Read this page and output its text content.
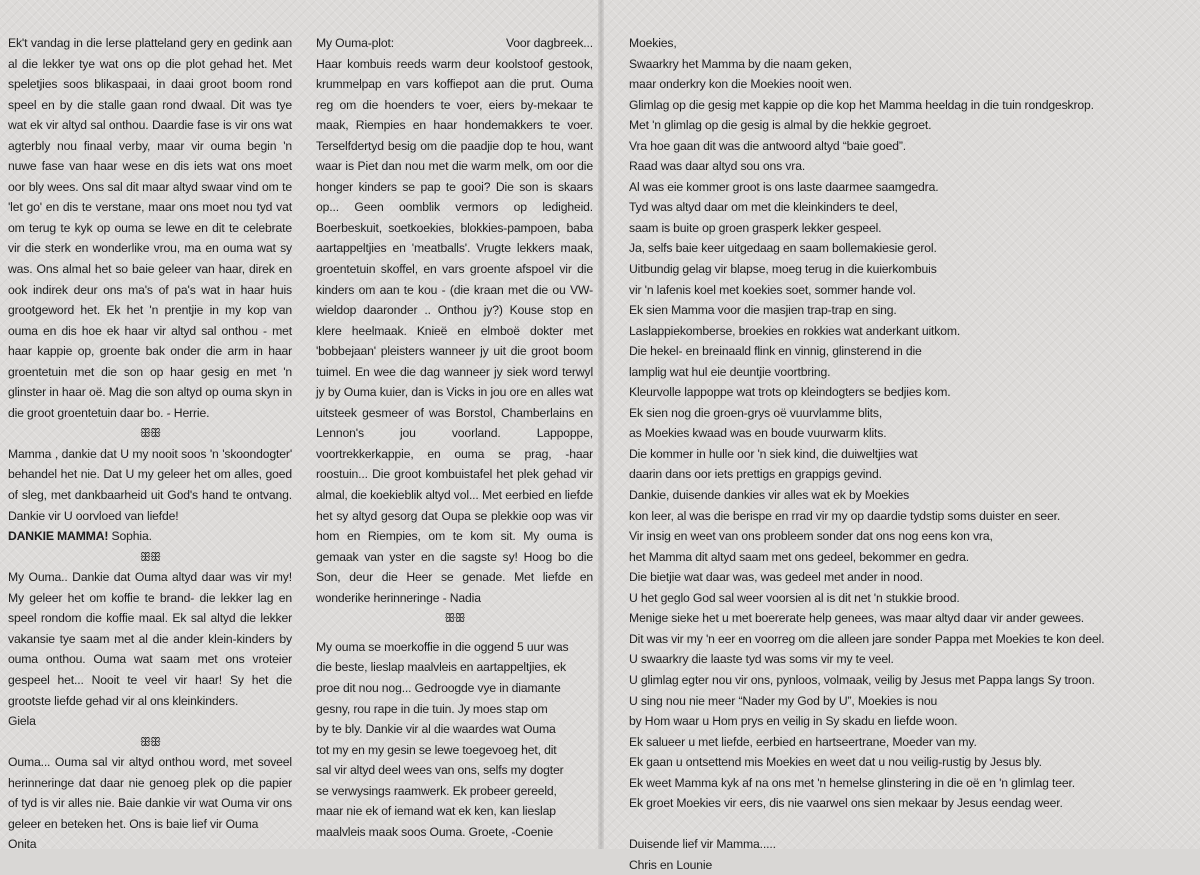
Ek't vandag in die lerse platteland gery en gedink aan al die lekker tye wat ons op die plot gehad het. Met speletjies soos blikaspaai, in daai groot boom rond speel en by die stalle gaan rond dwaal. Dit was tye wat ek vir altyd sal onthou. Daardie fase is vir ons wat agterbly nou finaal verby, maar vir ouma begin 'n nuwe fase van haar wese en dis iets wat ons moet oor bly wees. Ons sal dit maar altyd swaar vind om te 'let go' en dis te verstane, maar ons moet nou tyd vat om terug te kyk op ouma se lewe en dit te celebrate vir die sterk en wonderlike vrou, ma en ouma wat sy was. Ons almal het so baie geleer van haar, direk en ook indirek deur ons ma's of pa's wat in haar huis grootgeword het. Ek het 'n prentjie in my kop van ouma en dis hoe ek haar vir altyd sal onthou - met haar kappie op, groente bak onder die arm in haar groentetuin met die son op haar gesig en met 'n glinster in haar oë. Mag die son altyd op ouma skyn in die groot groentetuin daar bo. - Herrie.

ꕥꕥ

Mamma , dankie dat U my nooit soos 'n 'skoondogter' behandel het nie. Dat U my geleer het om alles, goed of sleg, met dankbaarheid uit God's hand te ontvang. Dankie vir U oorvloed van liefde!
DANKIE MAMMA! Sophia.

ꕥꕥ

My Ouma.. Dankie dat Ouma altyd daar was vir my! My geleer het om koffie te brand- die lekker lag en speel rondom die koffie maal. Ek sal altyd die lekker vakansie tye saam met al die ander klein-kinders by ouma onthou. Ouma wat saam met ons vroteier gespeel het... Nooit te veel vir haar! Sy het die grootste liefde gehad vir al ons kleinkinders.
Giela

ꕥꕥ

Ouma... Ouma sal vir altyd onthou word, met soveel herinneringe dat daar nie genoeg plek op die papier of tyd is vir alles nie. Baie dankie vir wat Ouma vir ons geleer en beteken het. Ons is baie lief vir Ouma
Onita

My Ouma-plot:	Voor dagbreek...
Haar kombuis reeds warm deur koolstoof gestook, krummelpap en vars koffiepot aan die prut. Ouma reg om die hoenders te voer, eiers by-mekaar te maak, Riempies en haar hondemakkers te voer. Terselfdertyd besig om die paadjie dop te hou, want waar is Piet dan nou met die warm melk, om oor die honger kinders se pap te gooi? Die son is skaars op... Geen oomblik vermors op ledigheid. Boerbeskuit, soetkoekies, blokkies-pampoen, baba aartappeltjies en 'meatballs'. Vrugte lekkers maak, groentetuin skoffel, en vars groente afspoel vir die kinders om aan te kou - (die kraan met die ou VW-wieldop daaronder .. Onthou jy?) Kouse stop en klere heelmaak. Knieë en elmboë dokter met 'bobbejaan' pleisters wanneer jy uit die groot boom tuimel. En wee die dag wanneer jy siek word terwyl jy by Ouma kuier, dan is Vicks in jou ore en alles wat uitsteek gesmeer of was Borstol, Chamberlains en Lennon's jou voorland. Lappoppe, voortrekkerkappie, en ouma se prag, -haar roostuin... Die groot kombuistafel het plek gehad vir almal, die koekieblik altyd vol... Met eerbied en liefde het sy altyd gesorg dat Oupa se plekkie oop was vir hom en Riempies, om te kom sit. My ouma is gemaak van yster en die sagste sy! Hoog bo die Son, deur die Heer se genade. Met liefde en wonderike herinneringe - Nadia

ꕥꕥ
My ouma se moerkoffie in die oggend 5 uur was
die beste, lieslap maalvleis en aartappeltjies, ek
proe dit nou nog... Gedroogde vye in diamante
gesny, rou rape in die tuin. Jy moes stap om
by te bly. Dankie vir al die waardes wat Ouma
tot my en my gesin se lewe toegevoeg het, dit
sal vir altyd deel wees van ons, selfs my dogter
se verwysings raamwerk. Ek probeer gereeld,
maar nie ek of iemand wat ek ken, kan lieslap
maalvleis maak soos Ouma. Groete, -Coenie
Moekies,
Swaarkry het Mamma by die naam geken,
maar onderkry kon die Moekies nooit wen.
Glimlag op die gesig met kappie op die kop het Mamma heeldag in die tuin rondgeskrop.
Met 'n glimlag op die gesig is almal by die hekkie gegroet.
Vra hoe gaan dit was die antwoord altyd “baie goed”.
Raad was daar altyd sou ons vra.
Al was eie kommer groot is ons laste daarmee saamgedra.
Tyd was altyd daar om met die kleinkinders te deel,
saam is buite op groen grasperk lekker gespeel.
Ja, selfs baie keer uitgedaag en saam bollemakiesie gerol.
Uitbundig gelag vir blapse, moeg terug in die kuierkombuis
vir 'n lafenis koel met koekies soet, sommer hande vol.
Ek sien Mamma voor die masjien trap-trap en sing.
Laslappiekomberse, broekies en rokkies wat anderkant uitkom.
Die hekel- en breinaald flink en vinnig, glinsterend in die
lamplig wat hul eie deuntjie voortbring.
Kleurvolle lappoppe wat trots op kleindogters se bedjies kom.
Ek sien nog die groen-grys oë vuurvlamme blits,
as Moekies kwaad was en boude vuurwarm klits.
Die kommer in hulle oor 'n siek kind, die duiweltjies wat
daarin dans oor iets prettigs en grappigs gevind.
Dankie, duisende dankies vir alles wat ek by Moekies
kon leer, al was die berispe en rrad vir my op daardie tydstip soms duister en seer.
Vir insig en weet van ons probleem sonder dat ons nog eens kon vra,
het Mamma dit altyd saam met ons gedeel, bekommer en gedra.
Die bietjie wat daar was, was gedeel met ander in nood.
U het geglo God sal weer voorsien al is dit net 'n stukkie brood.
Menige sieke het u met boererate help genees, was maar altyd daar vir ander gewees.
Dit was vir my 'n eer en voorreg om die alleen jare sonder Pappa met Moekies te kon deel.
U swaarkry die laaste tyd was soms vir my te veel.
U glimlag egter nou vir ons, pynloos, volmaak, veilig by Jesus met Pappa langs Sy troon.
U sing nou nie meer “Nader my God by U”, Moekies is nou
by Hom waar u Hom prys en veilig in Sy skadu en liefde woon.
Ek salueer u met liefde, eerbied en hartseertrane, Moeder van my.
Ek gaan u ontsettend mis Moekies en weet dat u nou veilig-rustig by Jesus bly.
Ek weet Mamma kyk af na ons met 'n hemelse glinstering in die oë en 'n glimlag teer.
Ek groet Moekies vir eers, dis nie vaarwel ons sien mekaar by Jesus eendag weer.
Duisende lief vir Mamma.....
Chris en Lounie
